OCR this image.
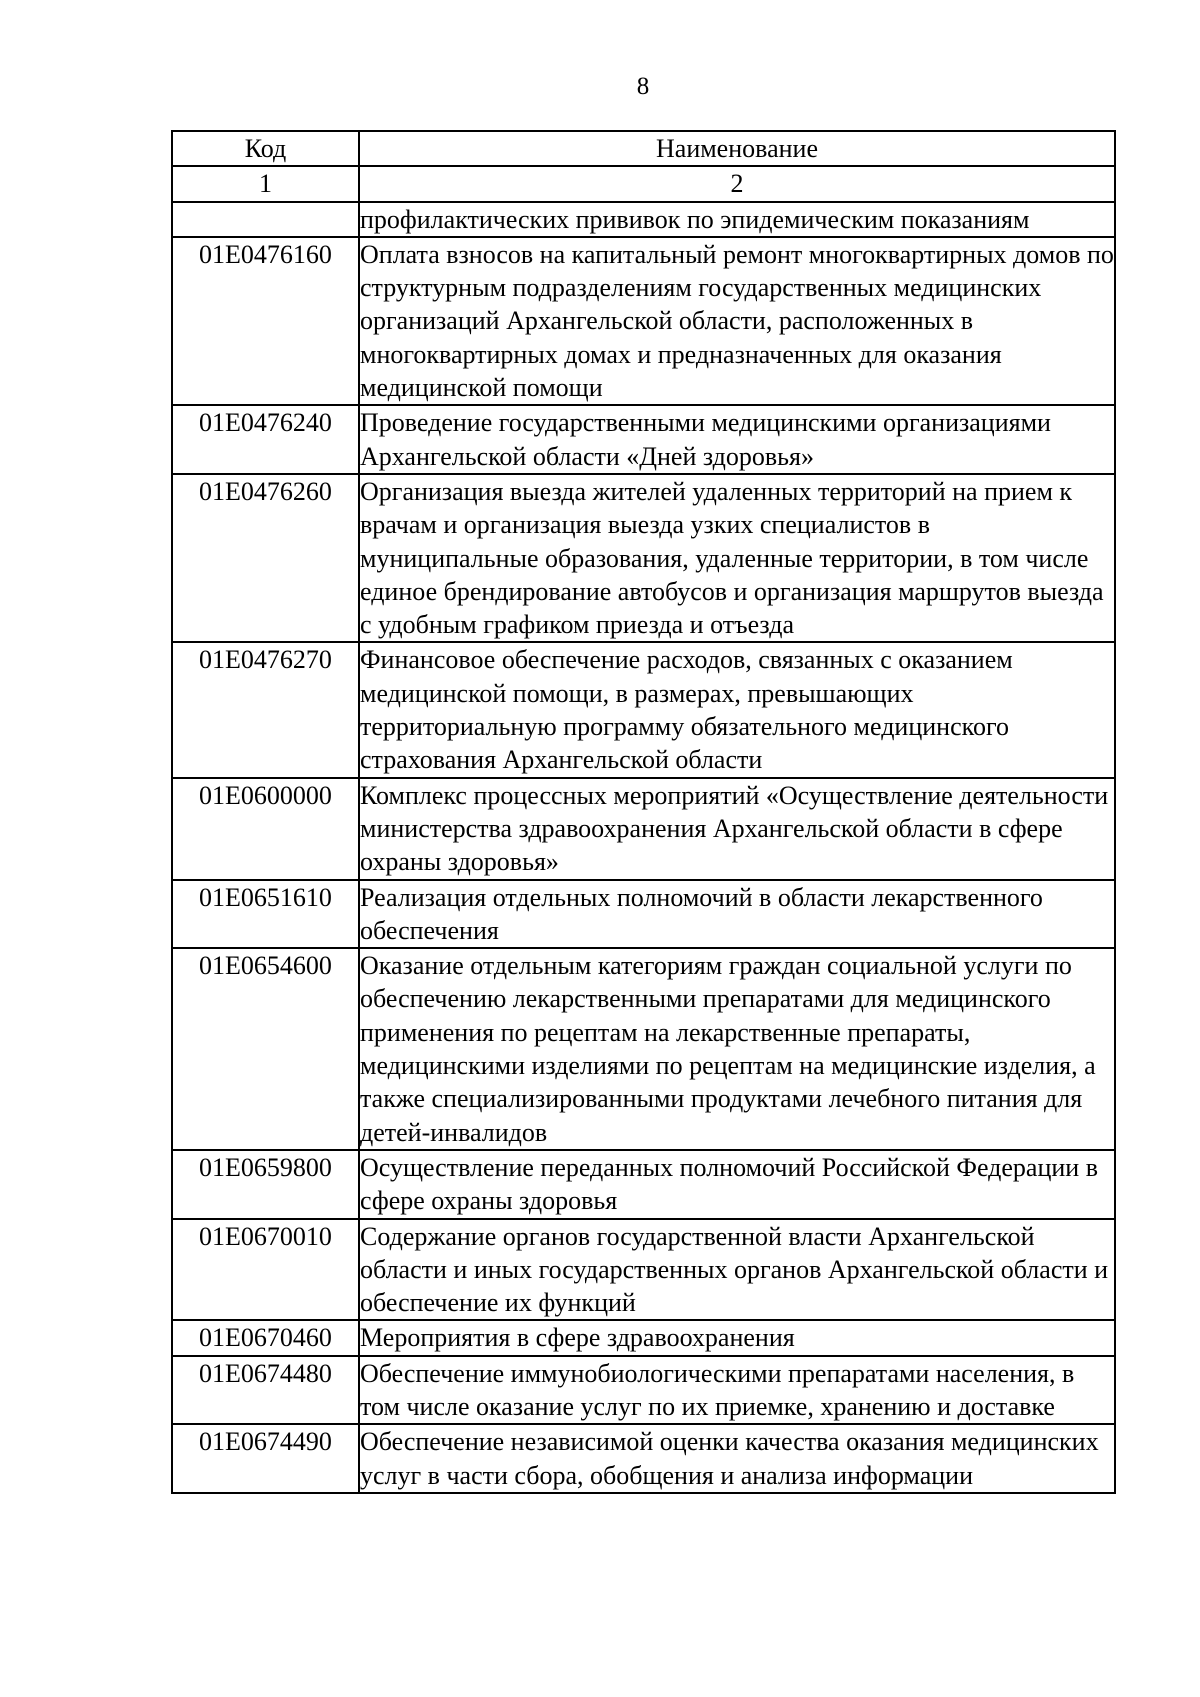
8
Код	Наименование
1	2
	профилактических прививок по эпидемическим показаниям
01Е0476160	Оплата взносов на капитальный ремонт многоквартирных домов по структурным подразделениям государственных медицинских организаций Архангельской области, расположенных в многоквартирных домах и предназначенных для оказания медицинской помощи
01Е0476240	Проведение государственными медицинскими организациями Архангельской области «Дней здоровья»
01Е0476260	Организация выезда жителей удаленных территорий на прием к врачам и организация выезда узких специалистов в муниципальные образования, удаленные территории, в том числе единое брендирование автобусов и организация маршрутов выезда с удобным графиком приезда и отъезда
01Е0476270	Финансовое обеспечение расходов, связанных с оказанием медицинской помощи, в размерах, превышающих территориальную программу обязательного медицинского страхования Архангельской области
01Е0600000	Комплекс процессных мероприятий «Осуществление деятельности министерства здравоохранения Архангельской области в сфере охраны здоровья»
01Е0651610	Реализация отдельных полномочий в области лекарственного обеспечения
01Е0654600	Оказание отдельным категориям граждан социальной услуги по обеспечению лекарственными препаратами для медицинского применения по рецептам на лекарственные препараты, медицинскими изделиями по рецептам на медицинские изделия, а также специализированными продуктами лечебного питания для детей-инвалидов
01Е0659800	Осуществление переданных полномочий Российской Федерации в сфере охраны здоровья
01Е0670010	Содержание органов государственной власти Архангельской области и иных государственных органов Архангельской области и обеспечение их функций
01Е0670460	Мероприятия в сфере здравоохранения
01Е0674480	Обеспечение иммунобиологическими препаратами населения, в том числе оказание услуг по их приемке, хранению и доставке
01Е0674490	Обеспечение независимой оценки качества оказания медицинских услуг в части сбора, обобщения и анализа информации
